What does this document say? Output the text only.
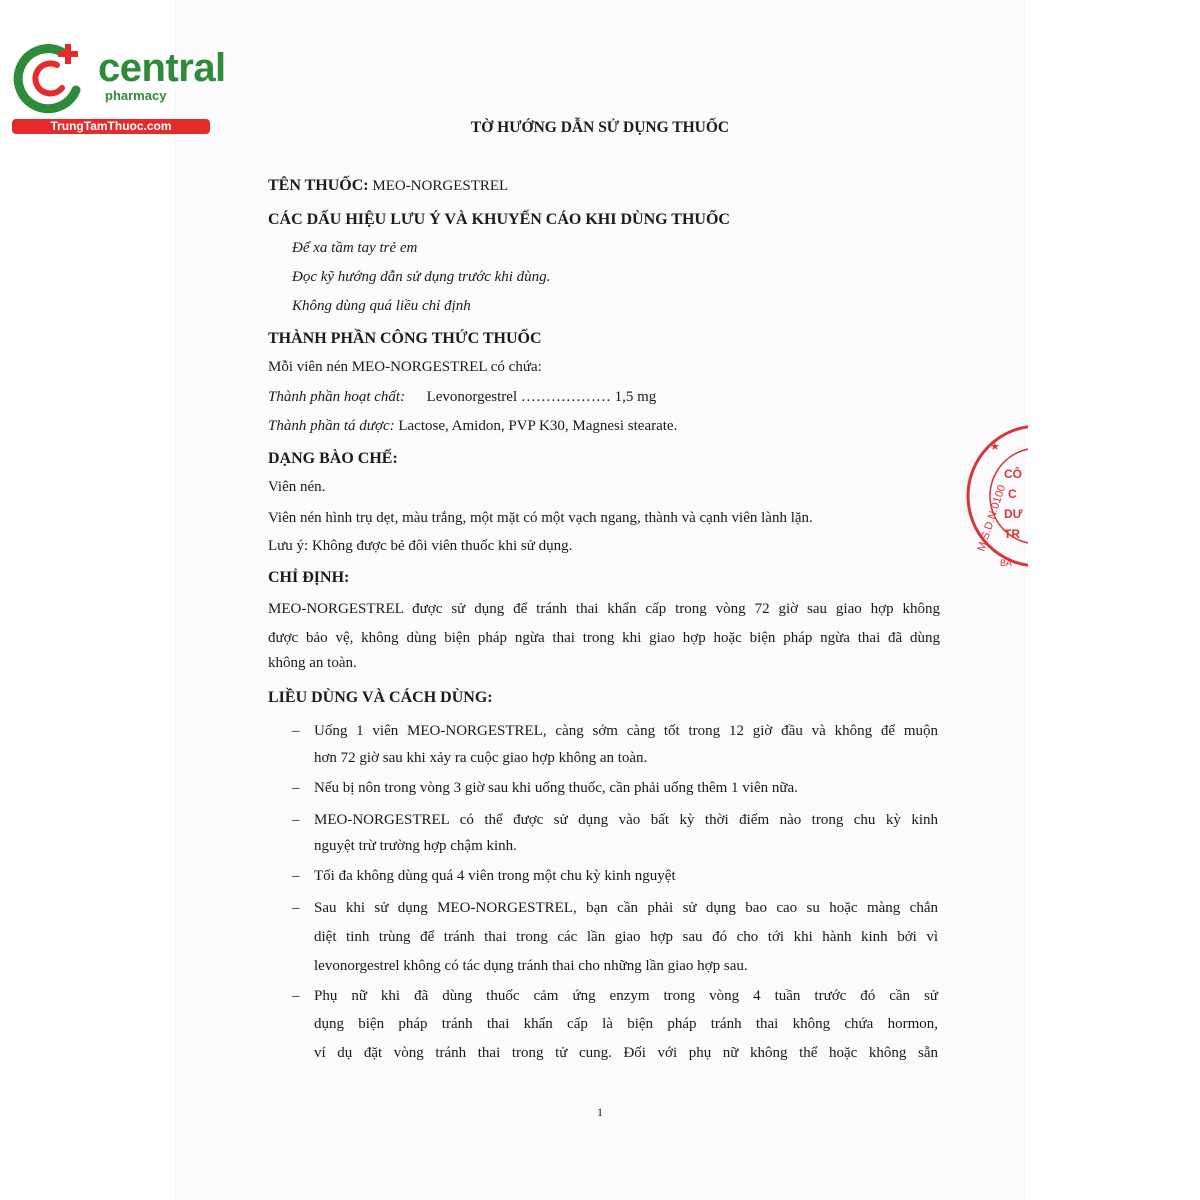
central
pharmacy
TrungTamThuoc.com	TỜ HƯỚNG DẪN SỬ DỤNG THUỐC
TÊN THUỐC: MEO-NORGESTREL
CÁC DẤU HIỆU LƯU Ý VÀ KHUYẾN CÁO KHI DÙNG THUỐC
Để xa tầm tay trẻ em
Đọc kỹ hướng dẫn sử dụng trước khi dùng.
Không dùng quá liều chỉ định
THÀNH PHẦN CÔNG THỨC THUỐC
Mỗi viên nén MEO-NORGESTREL có chứa:
Thành phần hoạt chất: Levonorgestrel ……………… 1,5 mg
Thành phần tá dược: Lactose, Amidon, PVP K30, Magnesi stearate.
DẠNG BÀO CHẾ:
Viên nén.
Viên nén hình trụ dẹt, màu trắng, một mặt có một vạch ngang, thành và cạnh viên lành lặn.
Lưu ý: Không được bẻ đôi viên thuốc khi sử dụng.
CHỈ ĐỊNH:
MEO-NORGESTREL được sử dụng để tránh thai khẩn cấp trong vòng 72 giờ sau giao hợp không
được bảo vệ, không dùng biện pháp ngừa thai trong khi giao hợp hoặc biện pháp ngừa thai đã dùng
không an toàn.
LIỀU DÙNG VÀ CÁCH DÙNG:
– Uống 1 viên MEO-NORGESTREL, càng sớm càng tốt trong 12 giờ đầu và không để muộn
hơn 72 giờ sau khi xảy ra cuộc giao hợp không an toàn.
– Nếu bị nôn trong vòng 3 giờ sau khi uống thuốc, cần phải uống thêm 1 viên nữa.
– MEO-NORGESTREL có thể được sử dụng vào bất kỳ thời điểm nào trong chu kỳ kinh
nguyệt trừ trường hợp chậm kinh.
– Tối đa không dùng quá 4 viên trong một chu kỳ kinh nguyệt
– Sau khi sử dụng MEO-NORGESTREL, bạn cần phải sử dụng bao cao su hoặc màng chắn
diệt tinh trùng để tránh thai trong các lần giao hợp sau đó cho tới khi hành kinh bởi vì
levonorgestrel không có tác dụng tránh thai cho những lần giao hợp sau.
– Phụ nữ khi đã dùng thuốc cảm ứng enzym trong vòng 4 tuần trước đó cần sử
dụng biện pháp tránh thai khẩn cấp là biện pháp tránh thai không chứa hormon,
ví dụ đặt vòng tránh thai trong tử cung. Đối với phụ nữ không thể hoặc không sẵn
1
M.S.D.N:0100
★
BA
CÔ
C
DƯ
TR
